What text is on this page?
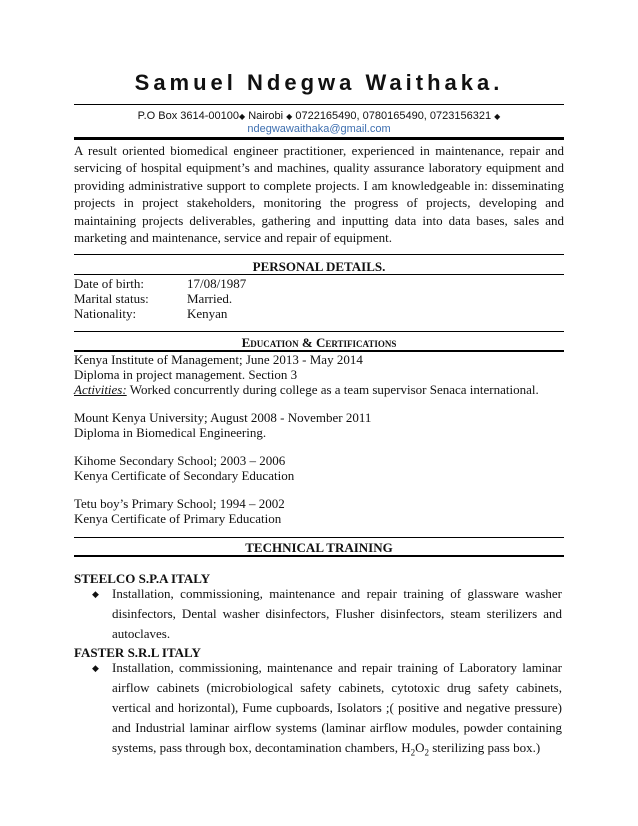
Samuel Ndegwa Waithaka.
P.O Box 3614-00100◆ Nairobi ◆ 0722165490, 0780165490, 0723156321 ◆
ndegwawaithaka@gmail.com
A result oriented biomedical engineer practitioner, experienced in maintenance, repair and servicing of hospital equipment’s and machines, quality assurance laboratory equipment and providing administrative support to complete projects. I am knowledgeable in: disseminating projects in project stakeholders, monitoring the progress of projects, developing and maintaining projects deliverables, gathering and inputting data into data bases, sales and marketing and maintenance, service and repair of equipment.
PERSONAL DETAILS.
Date of birth:	17/08/1987
Marital status:	Married.
Nationality:	Kenyan
Education & Certifications
Kenya Institute of Management; June 2013 - May 2014
Diploma in project management. Section 3
Activities: Worked concurrently during college as a team supervisor Senaca international.
Mount Kenya University; August 2008 - November 2011
Diploma in Biomedical Engineering.
Kihome Secondary School; 2003 – 2006
Kenya Certificate of Secondary Education
Tetu boy’s Primary School; 1994 – 2002
Kenya Certificate of Primary Education
TECHNICAL TRAINING
STEELCO S.P.A ITALY
◆ Installation, commissioning, maintenance and repair training of glassware washer disinfectors, Dental washer disinfectors, Flusher disinfectors, steam sterilizers and autoclaves.
FASTER S.R.L ITALY
◆ Installation, commissioning, maintenance and repair training of Laboratory laminar airflow cabinets (microbiological safety cabinets, cytotoxic drug safety cabinets, vertical and horizontal), Fume cupboards, Isolators ;( positive and negative pressure) and Industrial laminar airflow systems (laminar airflow modules, powder containing systems, pass through box, decontamination chambers, $H_2O_2$ sterilizing pass box.)
